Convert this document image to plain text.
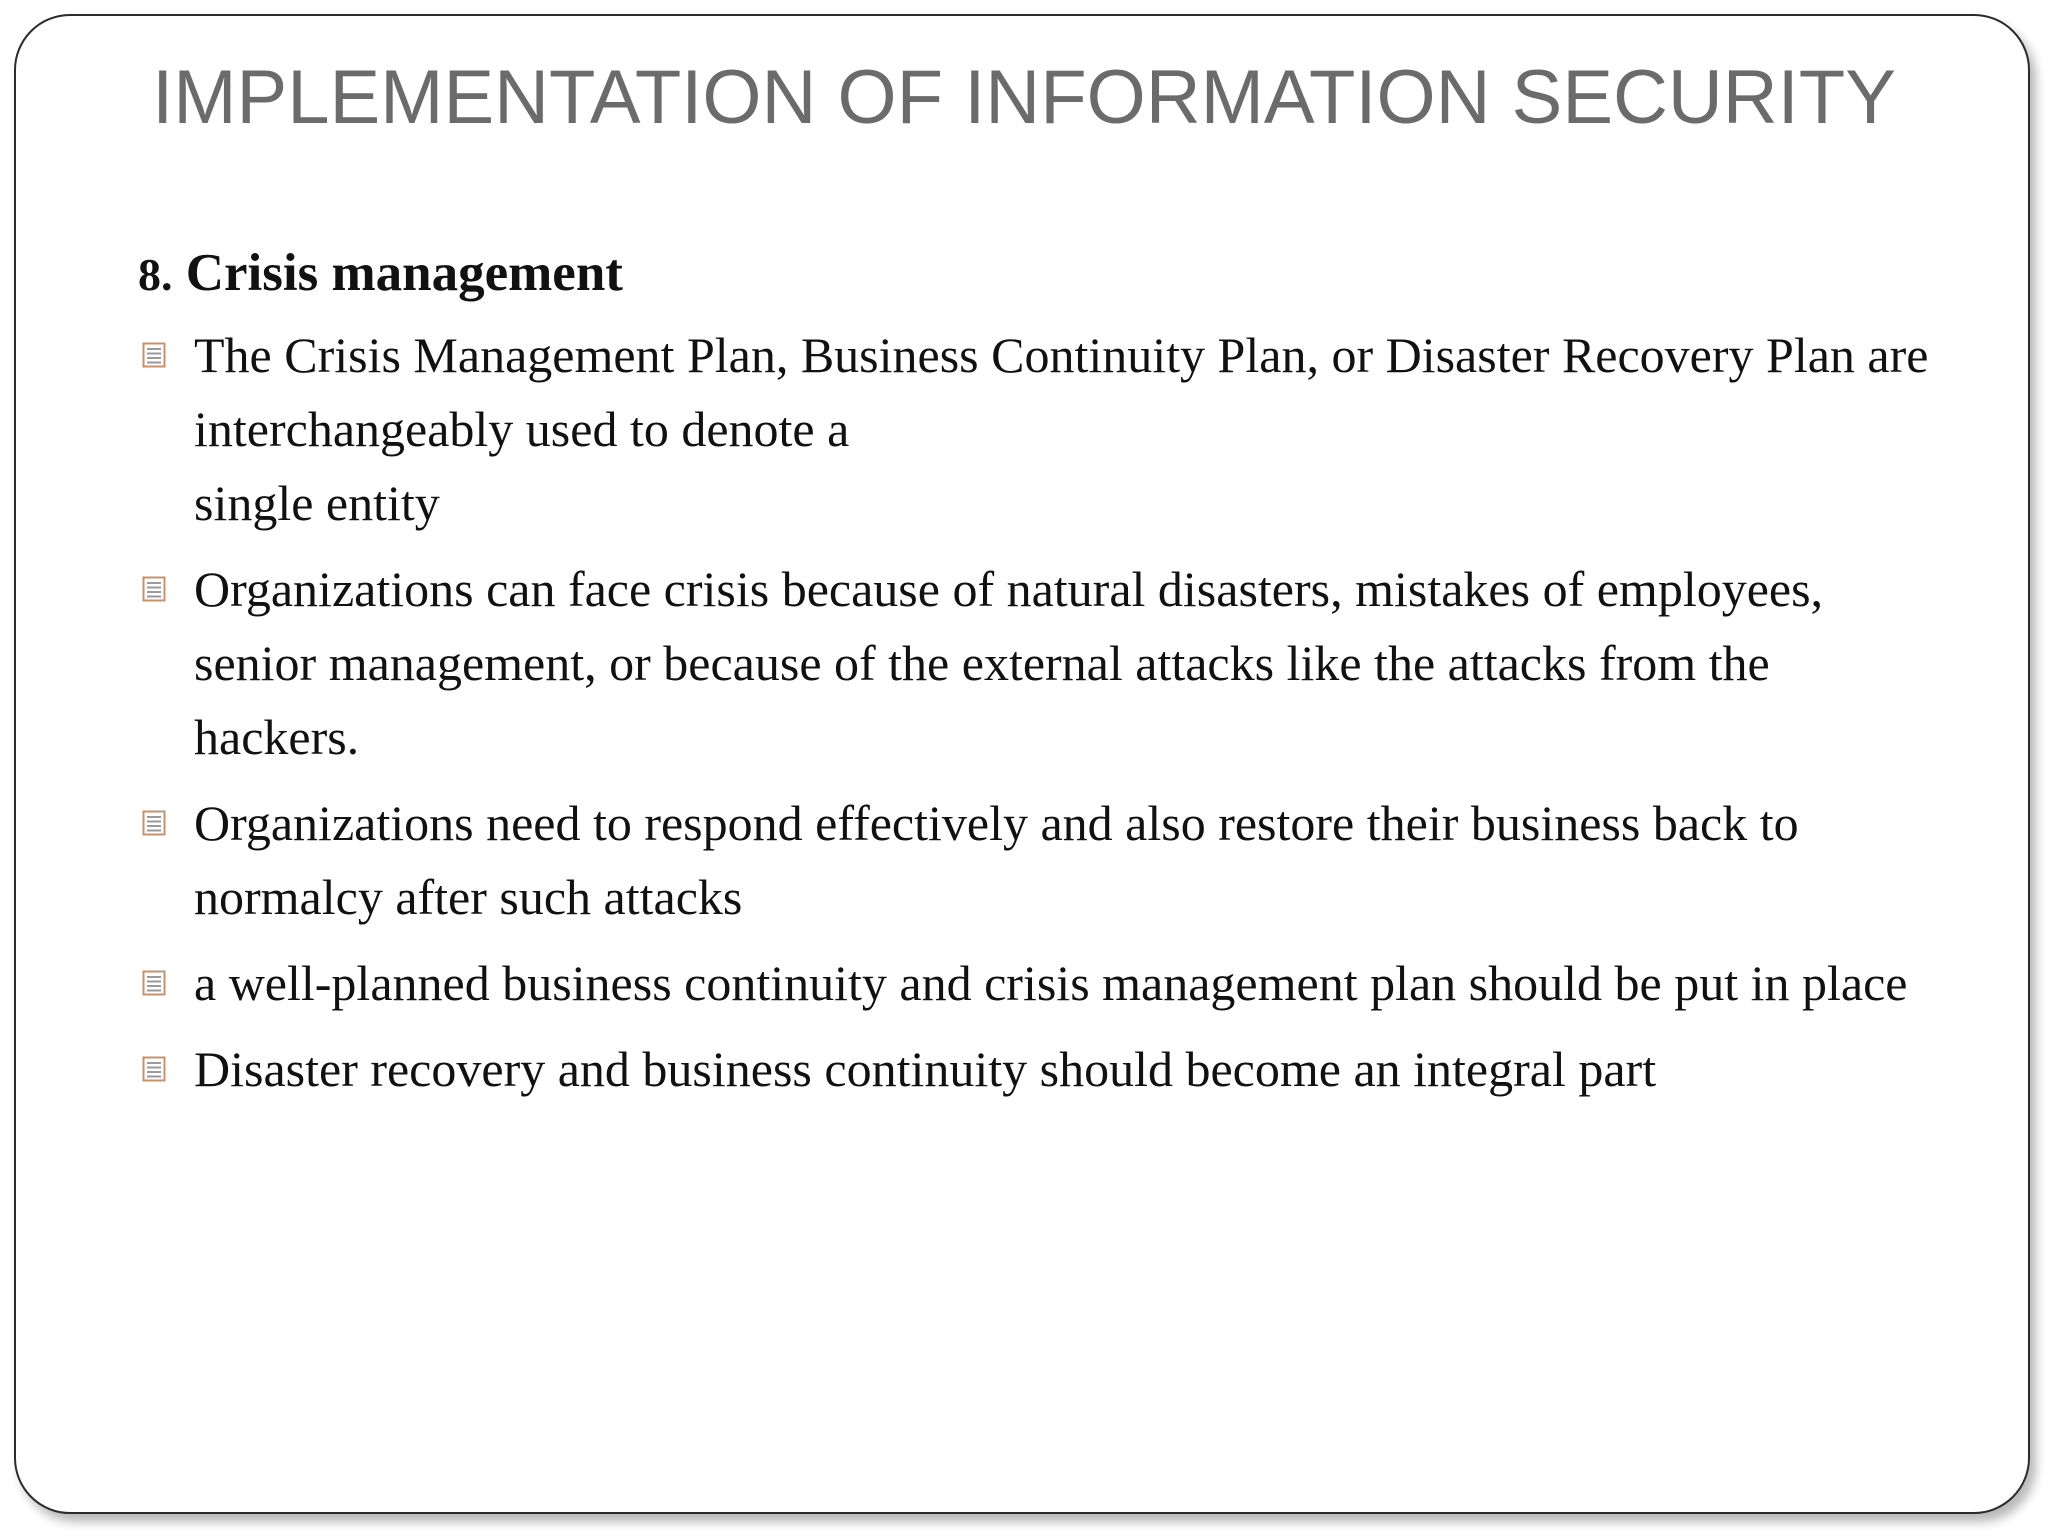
IMPLEMENTATION OF INFORMATION SECURITY
8. Crisis management
The Crisis Management Plan, Business Continuity Plan, or Disaster Recovery Plan are interchangeably used to denote a
single entity
Organizations can face crisis because of natural disasters, mistakes of employees, senior management, or because of the external attacks like the attacks from the hackers.
Organizations need to respond effectively and also restore their business back to normalcy after such attacks
a well-planned business continuity and crisis management plan should be put in place
Disaster recovery and business continuity should become an integral part
